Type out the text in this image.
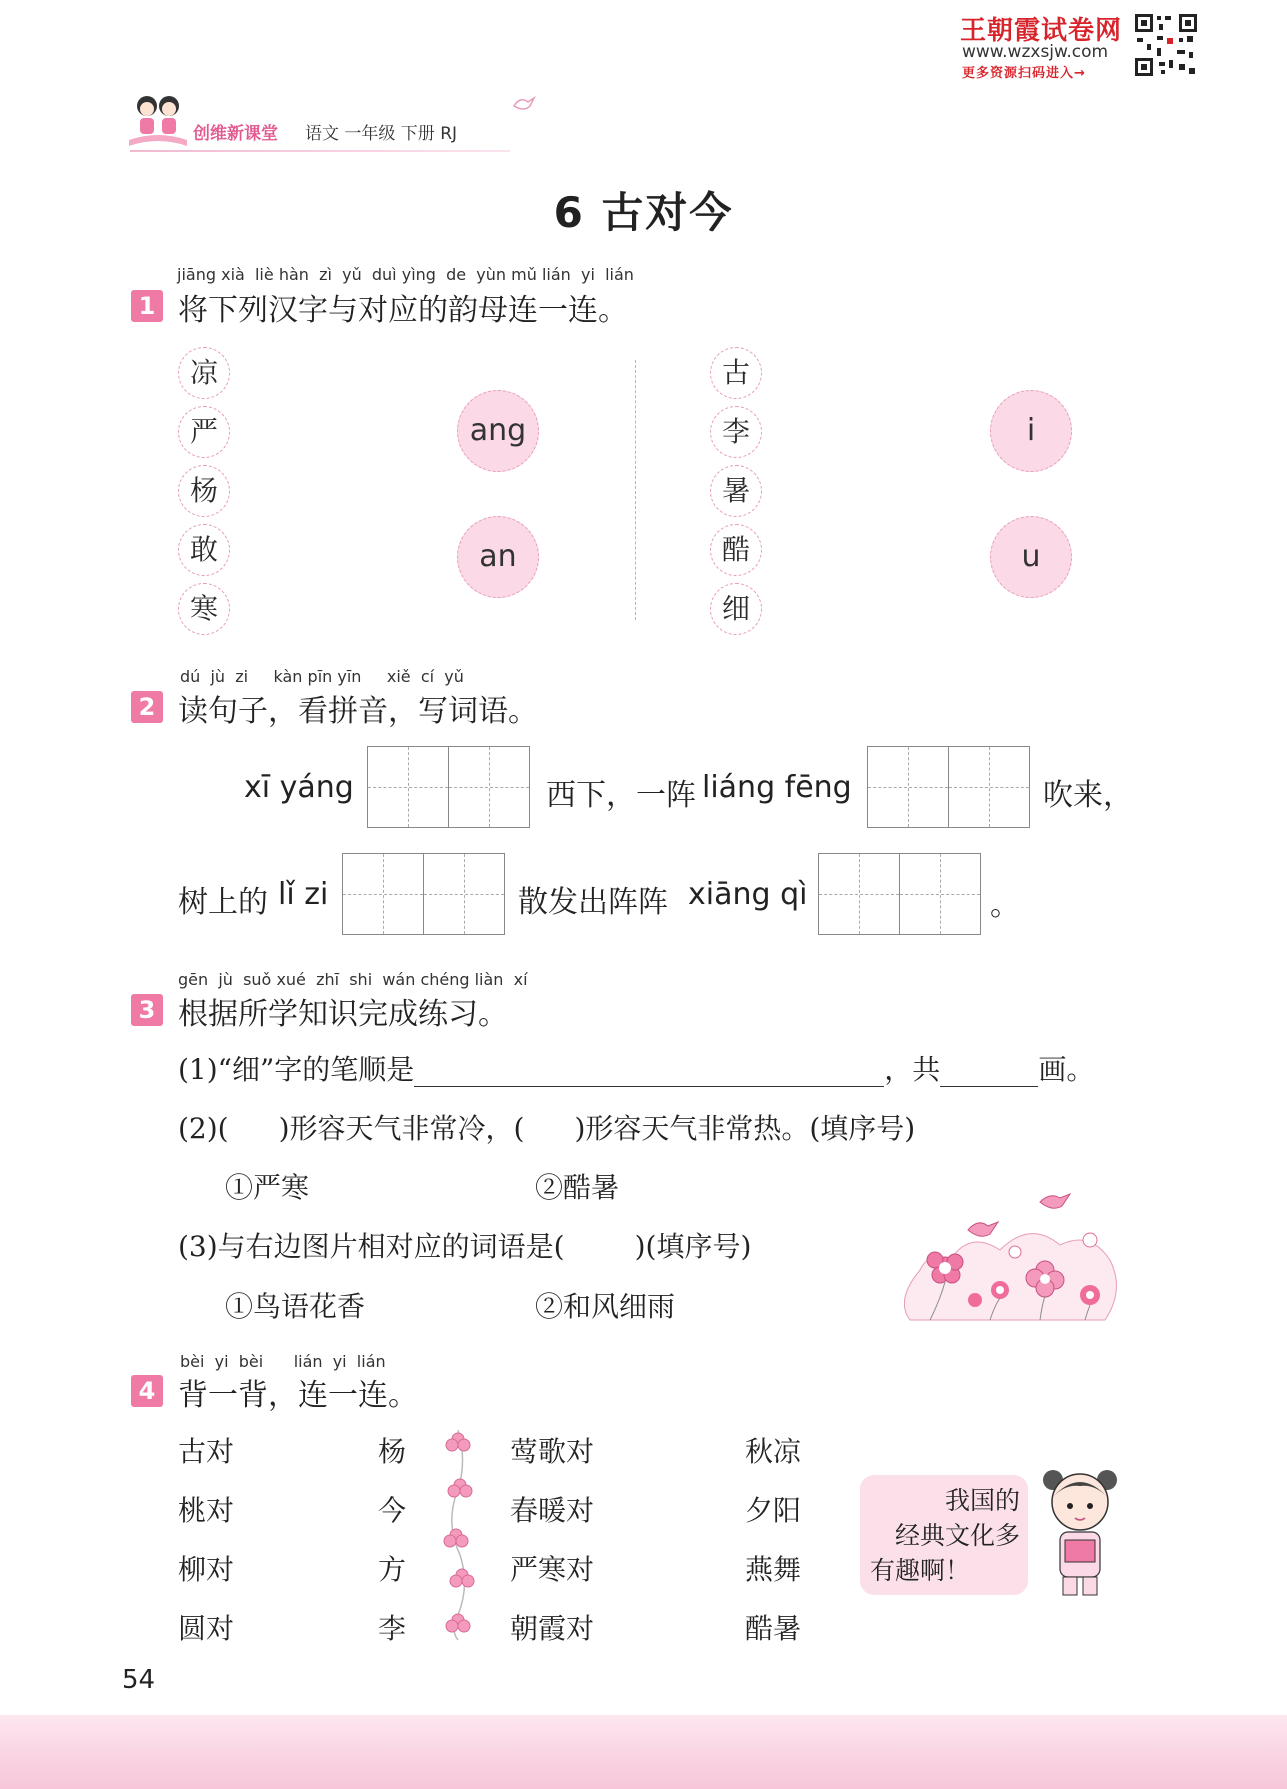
王朝霞试卷网
www.wzxsjw.com
更多资源扫码进入→
创维新课堂 语文 一年级 下册 RJ
6 古对今
jiāng xià liè hàn zì yǔ duì yìng de yùn mǔ lián yi lián
1 将下列汉字与对应的韵母连一连。
凉
严
杨
敢
寒
ang
an
古
李
暑
酷
细
i
u
dú jù zi kàn pīn yīn xiě cí yǔ
2 读句子，看拼音，写词语。
xī yáng	西下，一阵 liáng fēng	吹来，
树上的 lǐ zi	散发出阵阵 xiāng qì	。
gēn jù suǒ xué zhī shi wán chéng liàn xí
3 根据所学知识完成练习。
(1)“细”字的笔顺是	，共	画。
(2)( )形容天气非常冷，( )形容天气非常热。(填序号)
①严寒	②酷暑
(3)与右边图片相对应的词语是(	)(填序号)
①鸟语花香	②和风细雨
bèi yi bèi lián yi lián
4 背一背，连一连。
古对
桃对
柳对
圆对
杨
今
方
李
莺歌对
春暖对
严寒对
朝霞对
秋凉
夕阳
燕舞
酷暑
我国的
经典文化多
有趣啊！
54
